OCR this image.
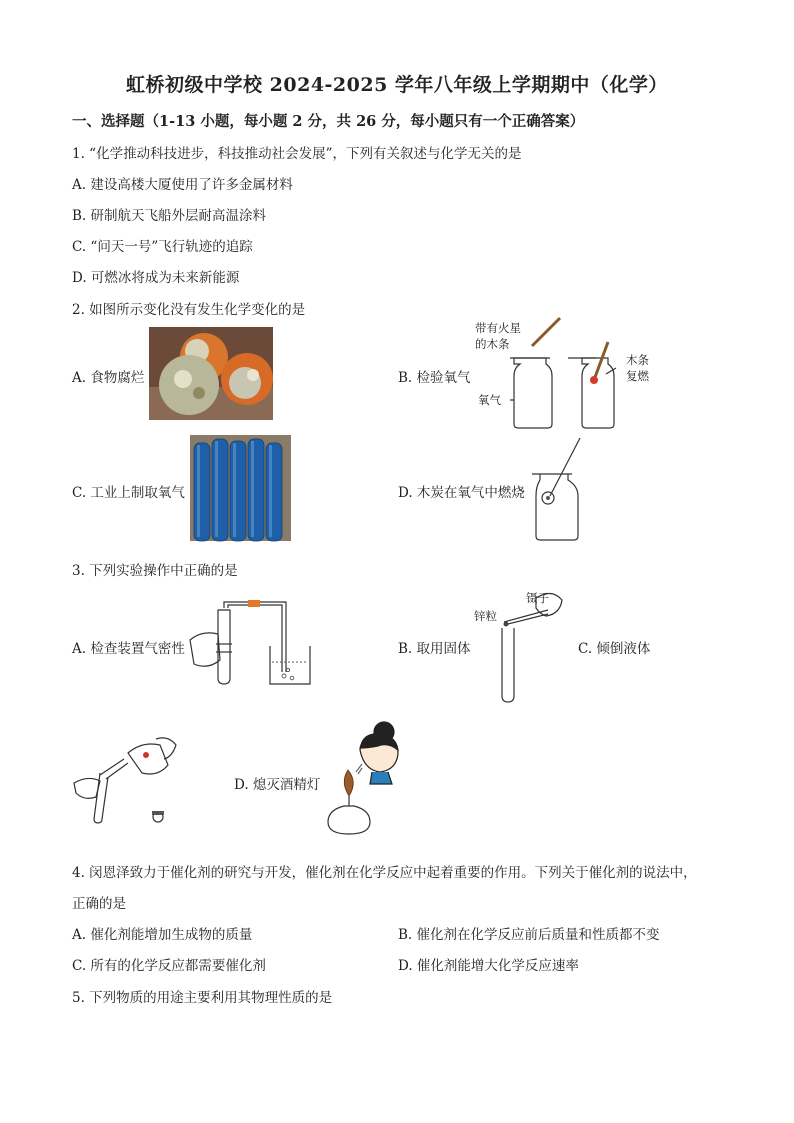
虹桥初级中学校 2024-2025 学年八年级上学期期中（化学）
一、选择题（1-13 小题，每小题 2 分，共 26 分，每小题只有一个正确答案）
1. “化学推动科技进步，科技推动社会发展”，下列有关叙述与化学无关的是
A. 建设高楼大厦使用了许多金属材料
B. 研制航天飞船外层耐高温涂料
C. “问天一号”飞行轨迹的追踪
D. 可燃冰将成为未来新能源
2. 如图所示变化没有发生化学变化的是
A. 食物腐烂	B. 检验氧气
带有火星
的木条
氧气
木条
复燃
C. 工业上制取氧气	D. 木炭在氧气中燃烧
3. 下列实验操作中正确的是
A. 检查装置气密性	B. 取用固体
镊子
锌粒
C. 倾倒液体
D. 熄灭酒精灯
4. 闵恩泽致力于催化剂的研究与开发，催化剂在化学反应中起着重要的作用。下列关于催化剂的说法中，
正确的是
A. 催化剂能增加生成物的质量	B. 催化剂在化学反应前后质量和性质都不变
C. 所有的化学反应都需要催化剂	D. 催化剂能增大化学反应速率
5. 下列物质的用途主要利用其物理性质的是
